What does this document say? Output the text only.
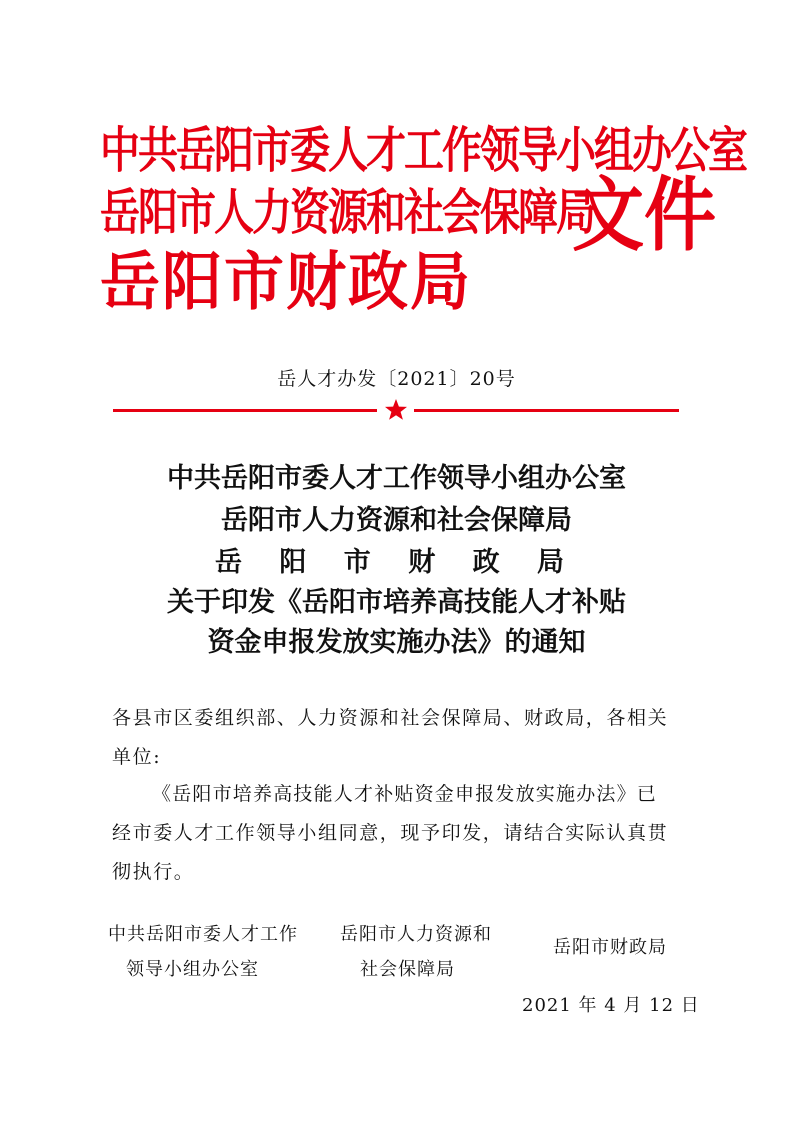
中共岳阳市委人才工作领导小组办公室
岳阳市人力资源和社会保障局
岳阳市财政局
文件
岳人才办发〔2021〕20号
中共岳阳市委人才工作领导小组办公室
岳阳市人力资源和社会保障局
岳 阳 市 财 政 局
关于印发《岳阳市培养高技能人才补贴
资金申报发放实施办法》的通知
各县市区委组织部、人力资源和社会保障局、财政局，各相关
单位:
《岳阳市培养高技能人才补贴资金申报发放实施办法》已
经市委人才工作领导小组同意，现予印发，请结合实际认真贯
彻执行。
中共岳阳市委人才工作
领导小组办公室
岳阳市人力资源和
社会保障局
岳阳市财政局
2021 年 4 月 12 日
